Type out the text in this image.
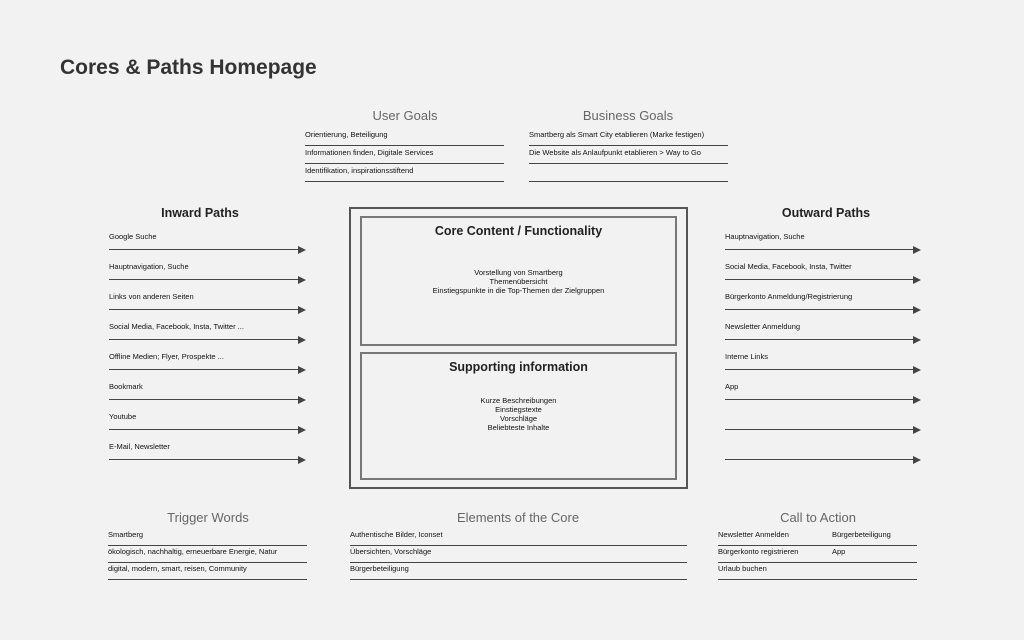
Cores & Paths Homepage
User Goals
Orientierung, Beteiligung
Informationen finden, Digitale Services
Identifikation, inspirationsstiftend
Business Goals
Smartberg als Smart City etablieren (Marke festigen)
Die Website als Anlaufpunkt etablieren > Way to Go
Inward Paths
Google Suche
Hauptnavigation, Suche
Links von anderen Seiten
Social Media, Facebook, Insta, Twitter ...
Offline Medien; Flyer, Prospekte ...
Bookmark
Youtube
E-Mail, Newsletter
Outward Paths
Hauptnavigation, Suche
Social Media, Facebook, Insta, Twitter
Bürgerkonto Anmeldung/Registrierung
Newsletter Anmeldung
Interne Links
App
Core Content / Functionality
Vorstellung von Smartberg
Themenübersicht
Einstiegspunkte in die Top-Themen der Zielgruppen
Supporting information
Kurze Beschreibungen
Einstiegstexte
Vorschläge
Beliebteste Inhalte
Trigger Words
Smartberg
ökologisch, nachhaltig, erneuerbare Energie, Natur
digital, modern, smart, reisen, Community
Elements of the Core
Authentische Bilder, Iconset
Übersichten, Vorschläge
Bürgerbeteiligung
Call to Action
Newsletter Anmelden	Bürgerbeteiligung
Bürgerkonto registrieren	App
Urlaub buchen
